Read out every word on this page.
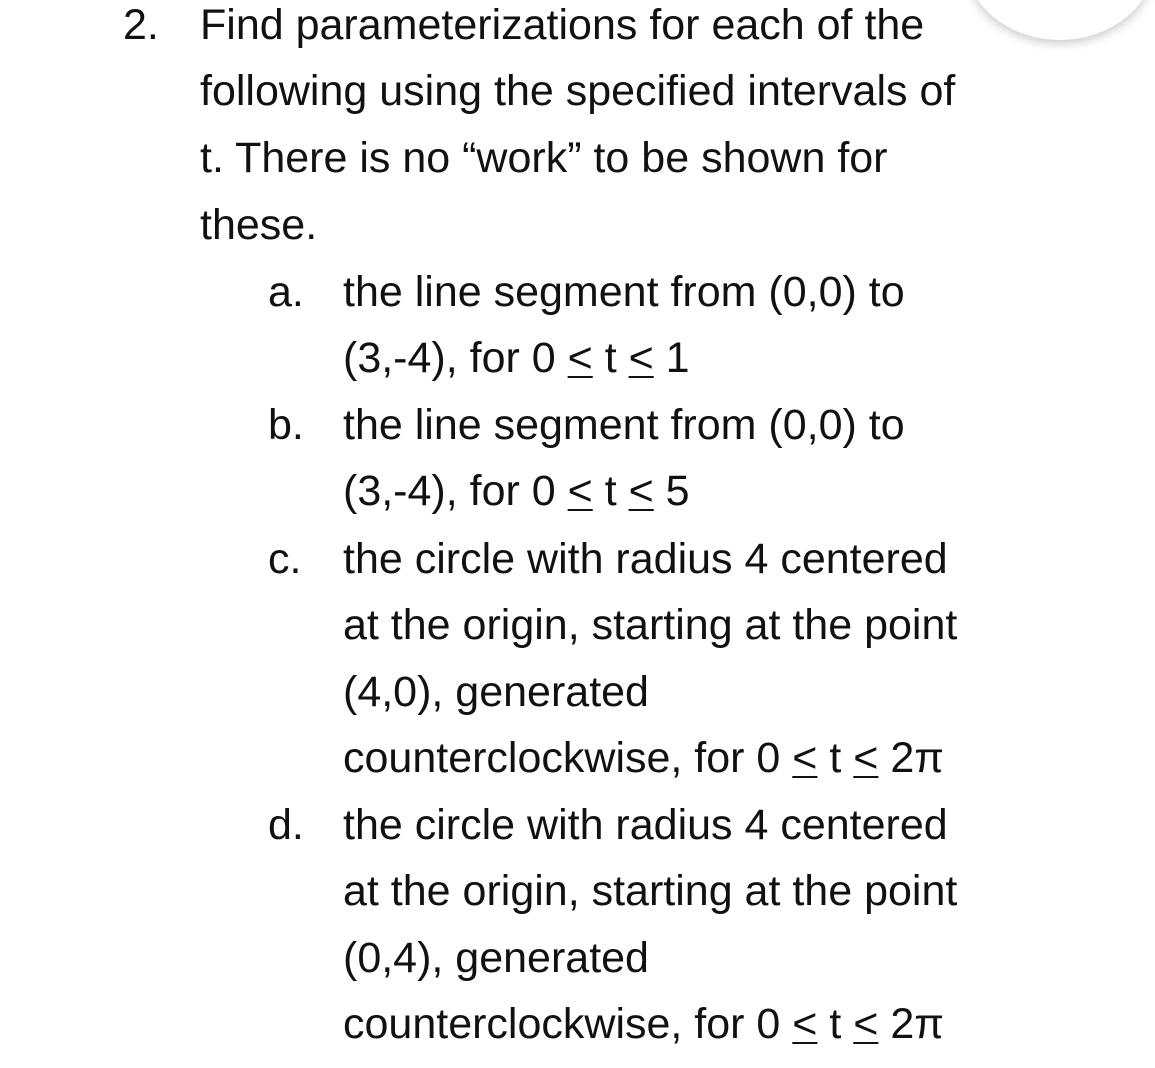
2. Find parameterizations for each of the
following using the specified intervals of
t. There is no “work” to be shown for
these.
a. the line segment from (0,0) to
(3,-4), for 0 < t < 1
b. the line segment from (0,0) to
(3,-4), for 0 < t < 5
c. the circle with radius 4 centered
at the origin, starting at the point
(4,0), generated
counterclockwise, for 0 < t < 2π
d. the circle with radius 4 centered
at the origin, starting at the point
(0,4), generated
counterclockwise, for 0 < t < 2π
